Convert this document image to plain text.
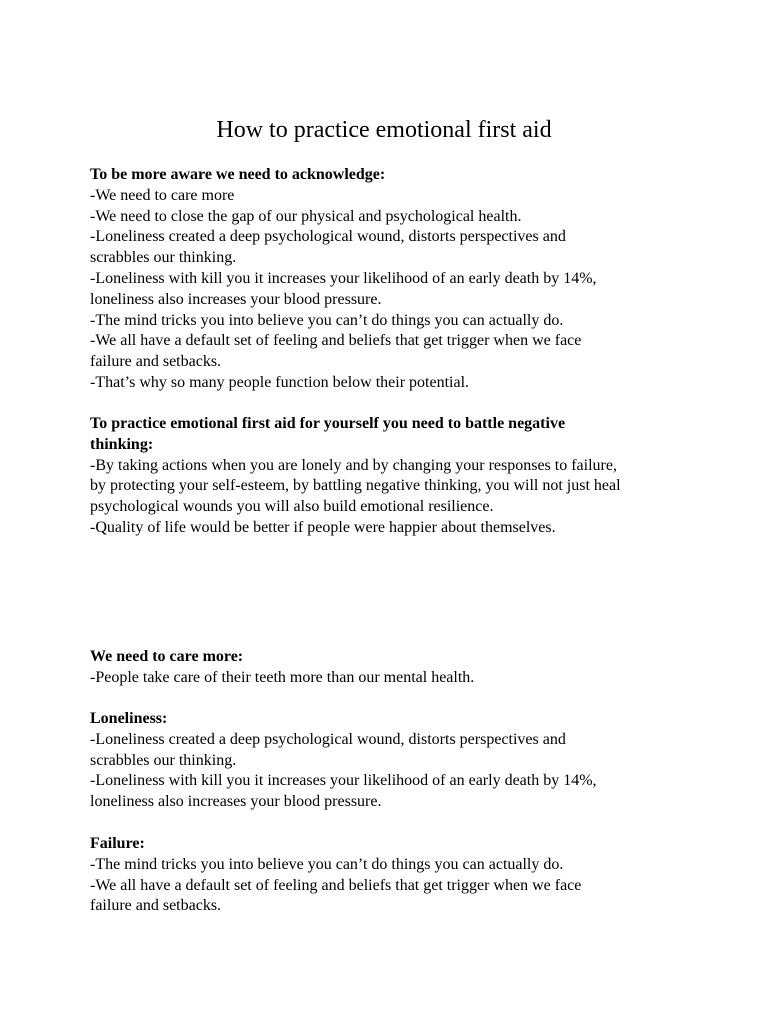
How to practice emotional first aid
To be more aware we need to acknowledge:
-We need to care more
-We need to close the gap of our physical and psychological health.
-Loneliness created a deep psychological wound, distorts perspectives and
scrabbles our thinking.
-Loneliness with kill you it increases your likelihood of an early death by 14%,
loneliness also increases your blood pressure.
-The mind tricks you into believe you can’t do things you can actually do.
-We all have a default set of feeling and beliefs that get trigger when we face
failure and setbacks.
-That’s why so many people function below their potential.
To practice emotional first aid for yourself you need to battle negative
thinking:
-By taking actions when you are lonely and by changing your responses to failure,
by protecting your self-esteem, by battling negative thinking, you will not just heal
psychological wounds you will also build emotional resilience.
-Quality of life would be better if people were happier about themselves.
We need to care more:
-People take care of their teeth more than our mental health.
Loneliness:
-Loneliness created a deep psychological wound, distorts perspectives and
scrabbles our thinking.
-Loneliness with kill you it increases your likelihood of an early death by 14%,
loneliness also increases your blood pressure.
Failure:
-The mind tricks you into believe you can’t do things you can actually do.
-We all have a default set of feeling and beliefs that get trigger when we face
failure and setbacks.
